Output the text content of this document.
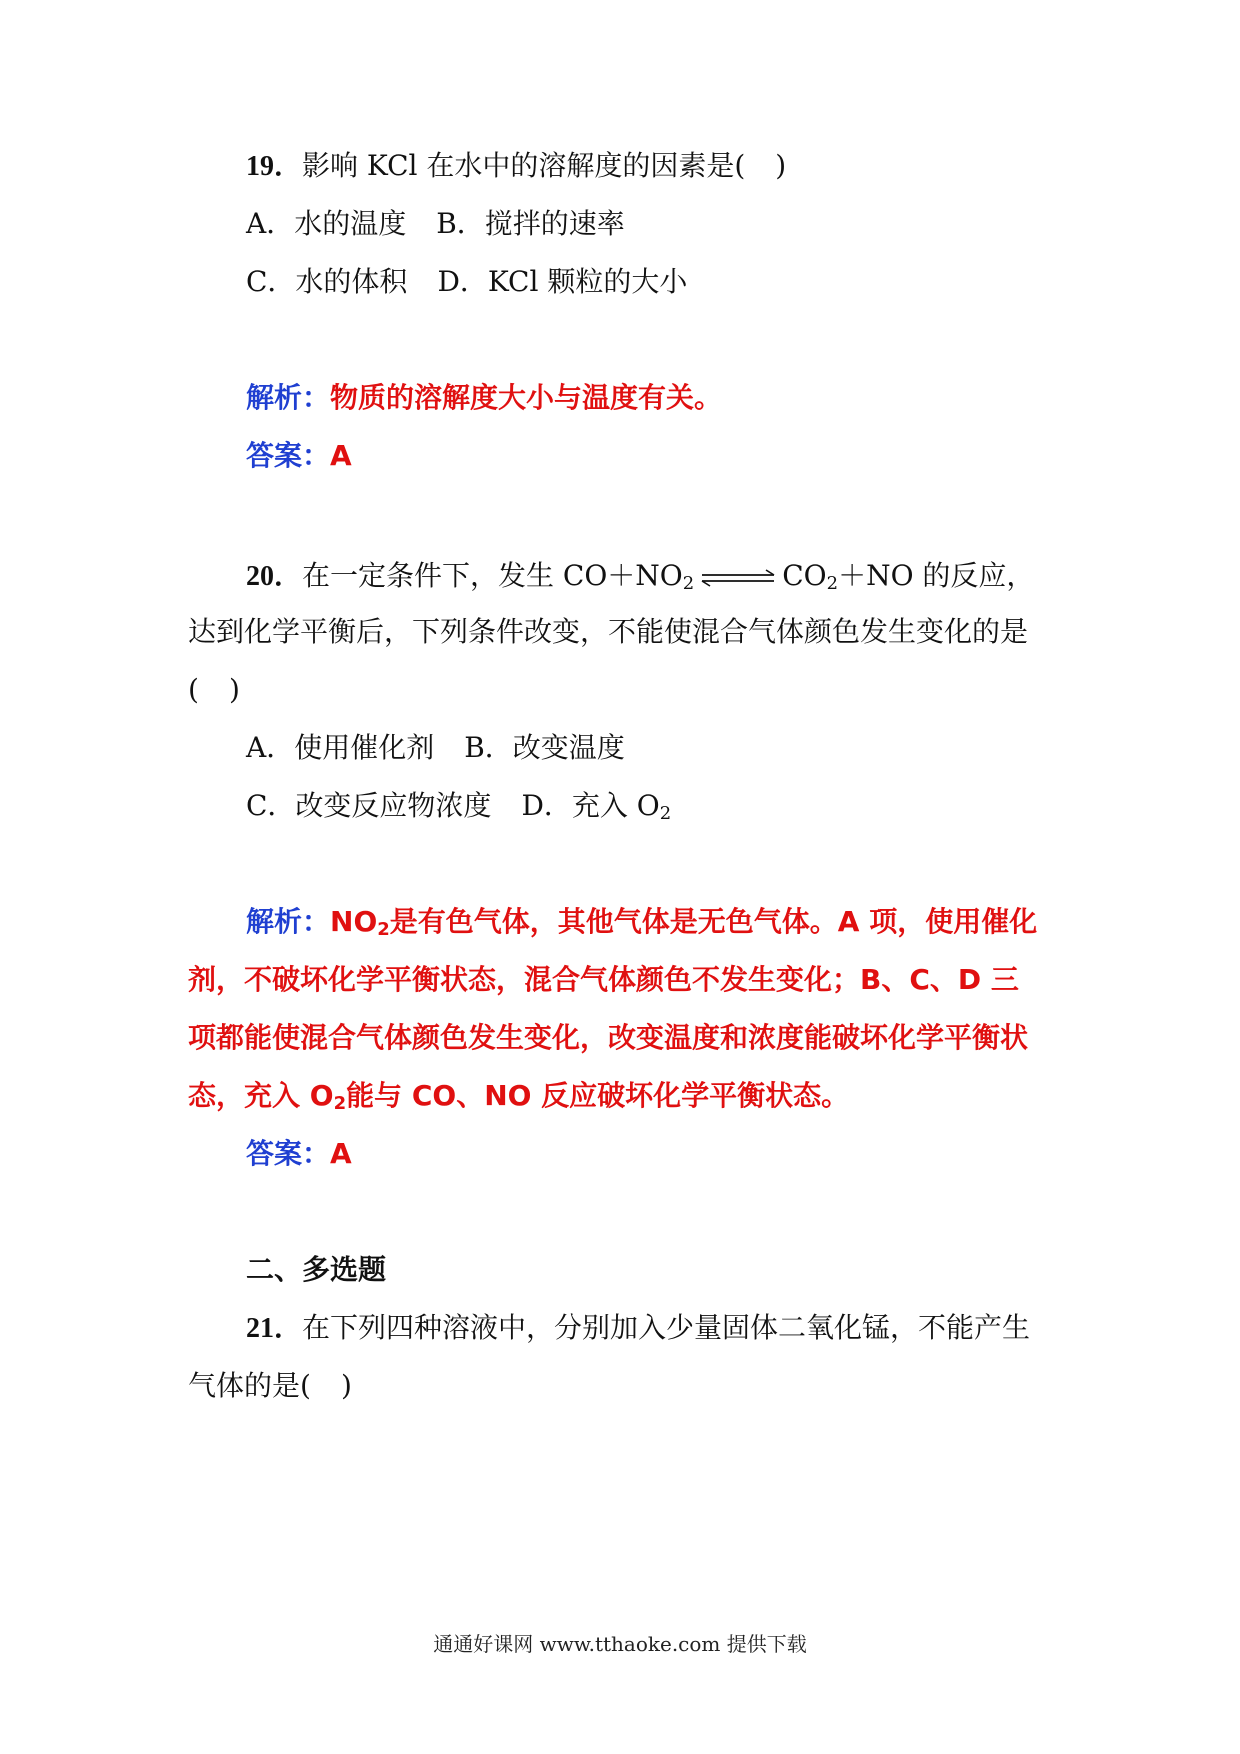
19．影响 KCl 在水中的溶解度的因素是( )
A．水的温度 B．搅拌的速率
C．水的体积 D．KCl 颗粒的大小
解析：物质的溶解度大小与温度有关。
答案：A
20．在一定条件下，发生 $CO+NO_2$ ⇌ $CO_2+NO$ 的反应，
达到化学平衡后，下列条件改变，不能使混合气体颜色发生变化的是
( )
A．使用催化剂 B．改变温度
C．改变反应物浓度 D．充入 $O_2$
解析：$NO_2$是有色气体，其他气体是无色气体。A 项，使用催化
剂，不破坏化学平衡状态，混合气体颜色不发生变化；B、C、D 三
项都能使混合气体颜色发生变化，改变温度和浓度能破坏化学平衡状
态，充入 $O_2$能与 CO、NO 反应破坏化学平衡状态。
答案：A
二、多选题
21．在下列四种溶液中，分别加入少量固体二氧化锰，不能产生
气体的是( )
通通好课网 www.tthaoke.com 提供下载
